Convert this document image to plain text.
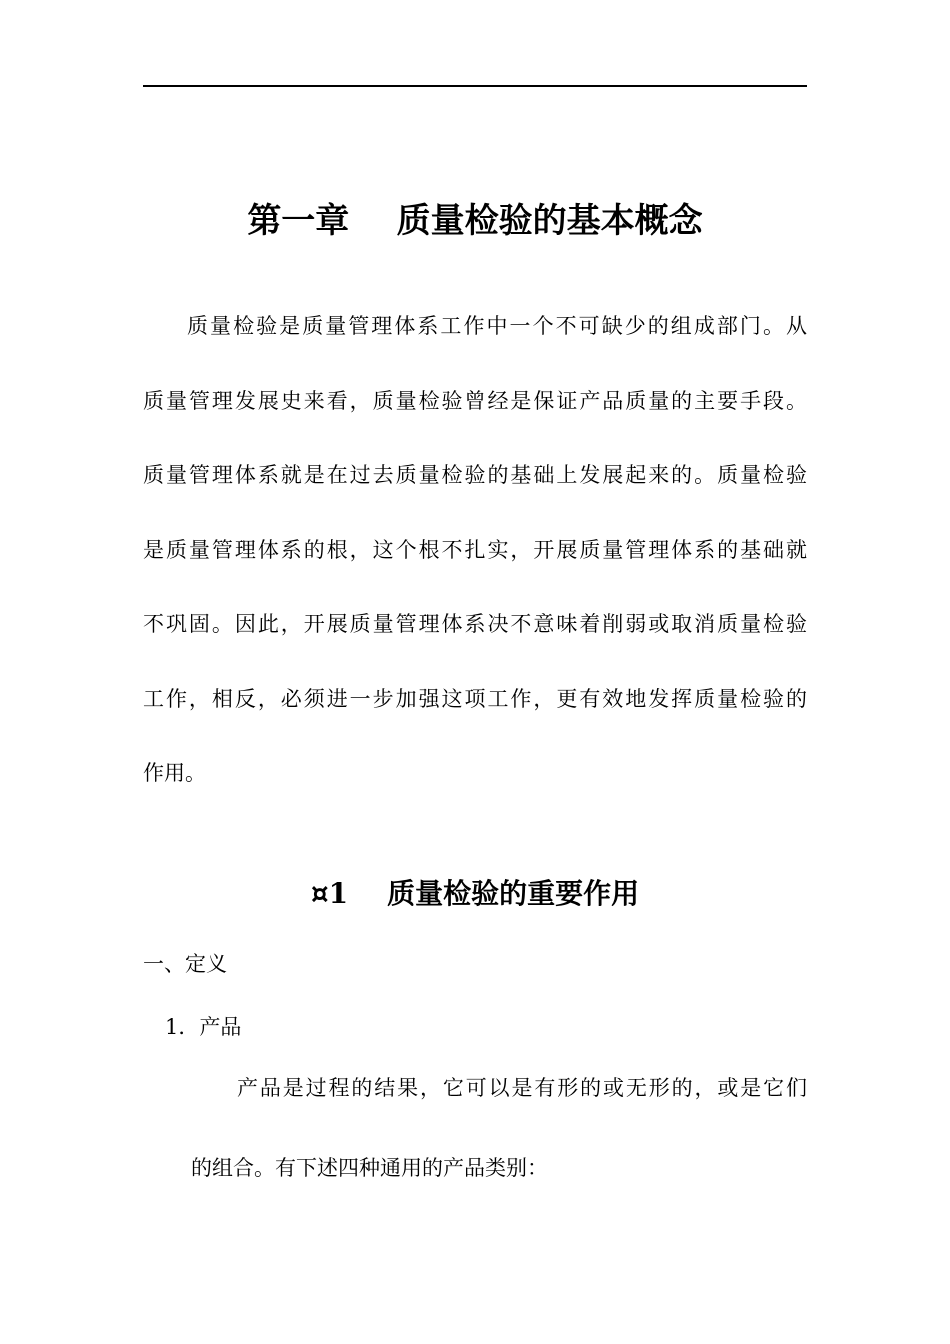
第一章    质量检验的基本概念
质量检验是质量管理体系工作中一个不可缺少的组成部门。从
质量管理发展史来看，质量检验曾经是保证产品质量的主要手段。
质量管理体系就是在过去质量检验的基础上发展起来的。质量检验
是质量管理体系的根，这个根不扎实，开展质量管理体系的基础就
不巩固。因此，开展质量管理体系决不意味着削弱或取消质量检验
工作，相反，必须进一步加强这项工作，更有效地发挥质量检验的
作用。
¤1    质量检验的重要作用
一、定义
1．产品
产品是过程的结果，它可以是有形的或无形的，或是它们
的组合。有下述四种通用的产品类别：
